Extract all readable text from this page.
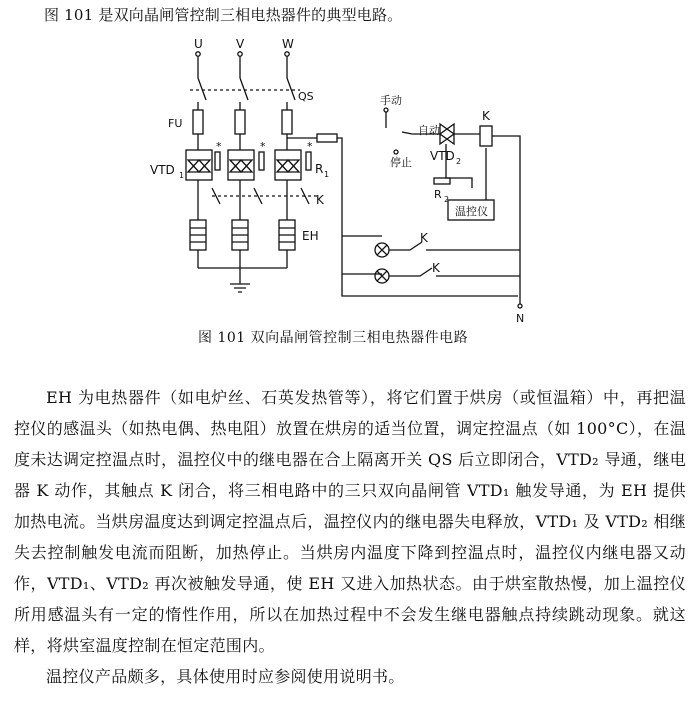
图 101 是双向晶闸管控制三相电热器件的典型电路。
U	V	W
QS
FU
VTD 1
*	*	*
R 1
K
EH
手动
自动
停止 VTD 2
K
R 2
温控仪
K
K
N
图 101 双向晶闸管控制三相电热器件电路

EH 为电热器件（如电炉丝、石英发热管等），将它们置于烘房（或恒温箱）中，再把温控仪的感温头（如热电偶、热电阻）放置在烘房的适当位置，调定控温点（如 100°C），在温度未达调定控温点时，温控仪中的继电器在合上隔离开关 QS 后立即闭合，VTD₂ 导通，继电器 K 动作，其触点 K 闭合，将三相电路中的三只双向晶闸管 VTD₁ 触发导通，为 EH 提供加热电流。当烘房温度达到调定控温点后，温控仪内的继电器失电释放，VTD₁ 及 VTD₂ 相继失去控制触发电流而阻断，加热停止。当烘房内温度下降到控温点时，温控仪内继电器又动作，VTD₁、VTD₂ 再次被触发导通，使 EH 又进入加热状态。由于烘室散热慢，加上温控仪所用感温头有一定的惰性作用，所以在加热过程中不会发生继电器触点持续跳动现象。就这样，将烘室温度控制在恒定范围内。

温控仪产品颇多，具体使用时应参阅使用说明书。
